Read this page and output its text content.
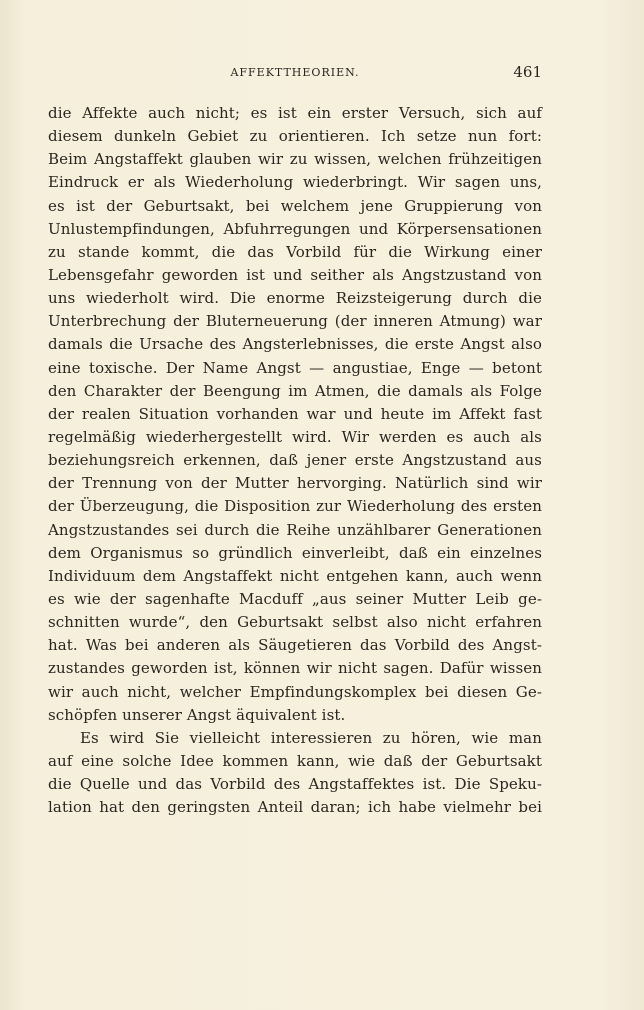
AFFEKTTHEORIEN.	461
die Affekte auch nicht; es ist ein erster Versuch, sich auf
diesem dunkeln Gebiet zu orientieren. Ich setze nun fort:
Beim Angstaffekt glauben wir zu wissen, welchen frühzeitigen
Eindruck er als Wiederholung wiederbringt. Wir sagen uns,
es ist der Geburtsakt, bei welchem jene Gruppierung von
Unlustempfindungen, Abfuhrregungen und Körpersensationen
zu stande kommt, die das Vorbild für die Wirkung einer
Lebensgefahr geworden ist und seither als Angstzustand von
uns wiederholt wird. Die enorme Reizsteigerung durch die
Unterbrechung der Bluterneuerung (der inneren Atmung) war
damals die Ursache des Angsterlebnisses, die erste Angst also
eine toxische. Der Name Angst — angustiae, Enge — betont
den Charakter der Beengung im Atmen, die damals als Folge
der realen Situation vorhanden war und heute im Affekt fast
regelmäßig wiederhergestellt wird. Wir werden es auch als
beziehungsreich erkennen, daß jener erste Angstzustand aus
der Trennung von der Mutter hervorging. Natürlich sind wir
der Überzeugung, die Disposition zur Wiederholung des ersten
Angstzustandes sei durch die Reihe unzählbarer Generationen
dem Organismus so gründlich einverleibt, daß ein einzelnes
Individuum dem Angstaffekt nicht entgehen kann, auch wenn
es wie der sagenhafte Macduff „aus seiner Mutter Leib ge-
schnitten wurde“, den Geburtsakt selbst also nicht erfahren
hat. Was bei anderen als Säugetieren das Vorbild des Angst-
zustandes geworden ist, können wir nicht sagen. Dafür wissen
wir auch nicht, welcher Empfindungskomplex bei diesen Ge-
schöpfen unserer Angst äquivalent ist.
Es wird Sie vielleicht interessieren zu hören, wie man
auf eine solche Idee kommen kann, wie daß der Geburtsakt
die Quelle und das Vorbild des Angstaffektes ist. Die Speku-
lation hat den geringsten Anteil daran; ich habe vielmehr bei
